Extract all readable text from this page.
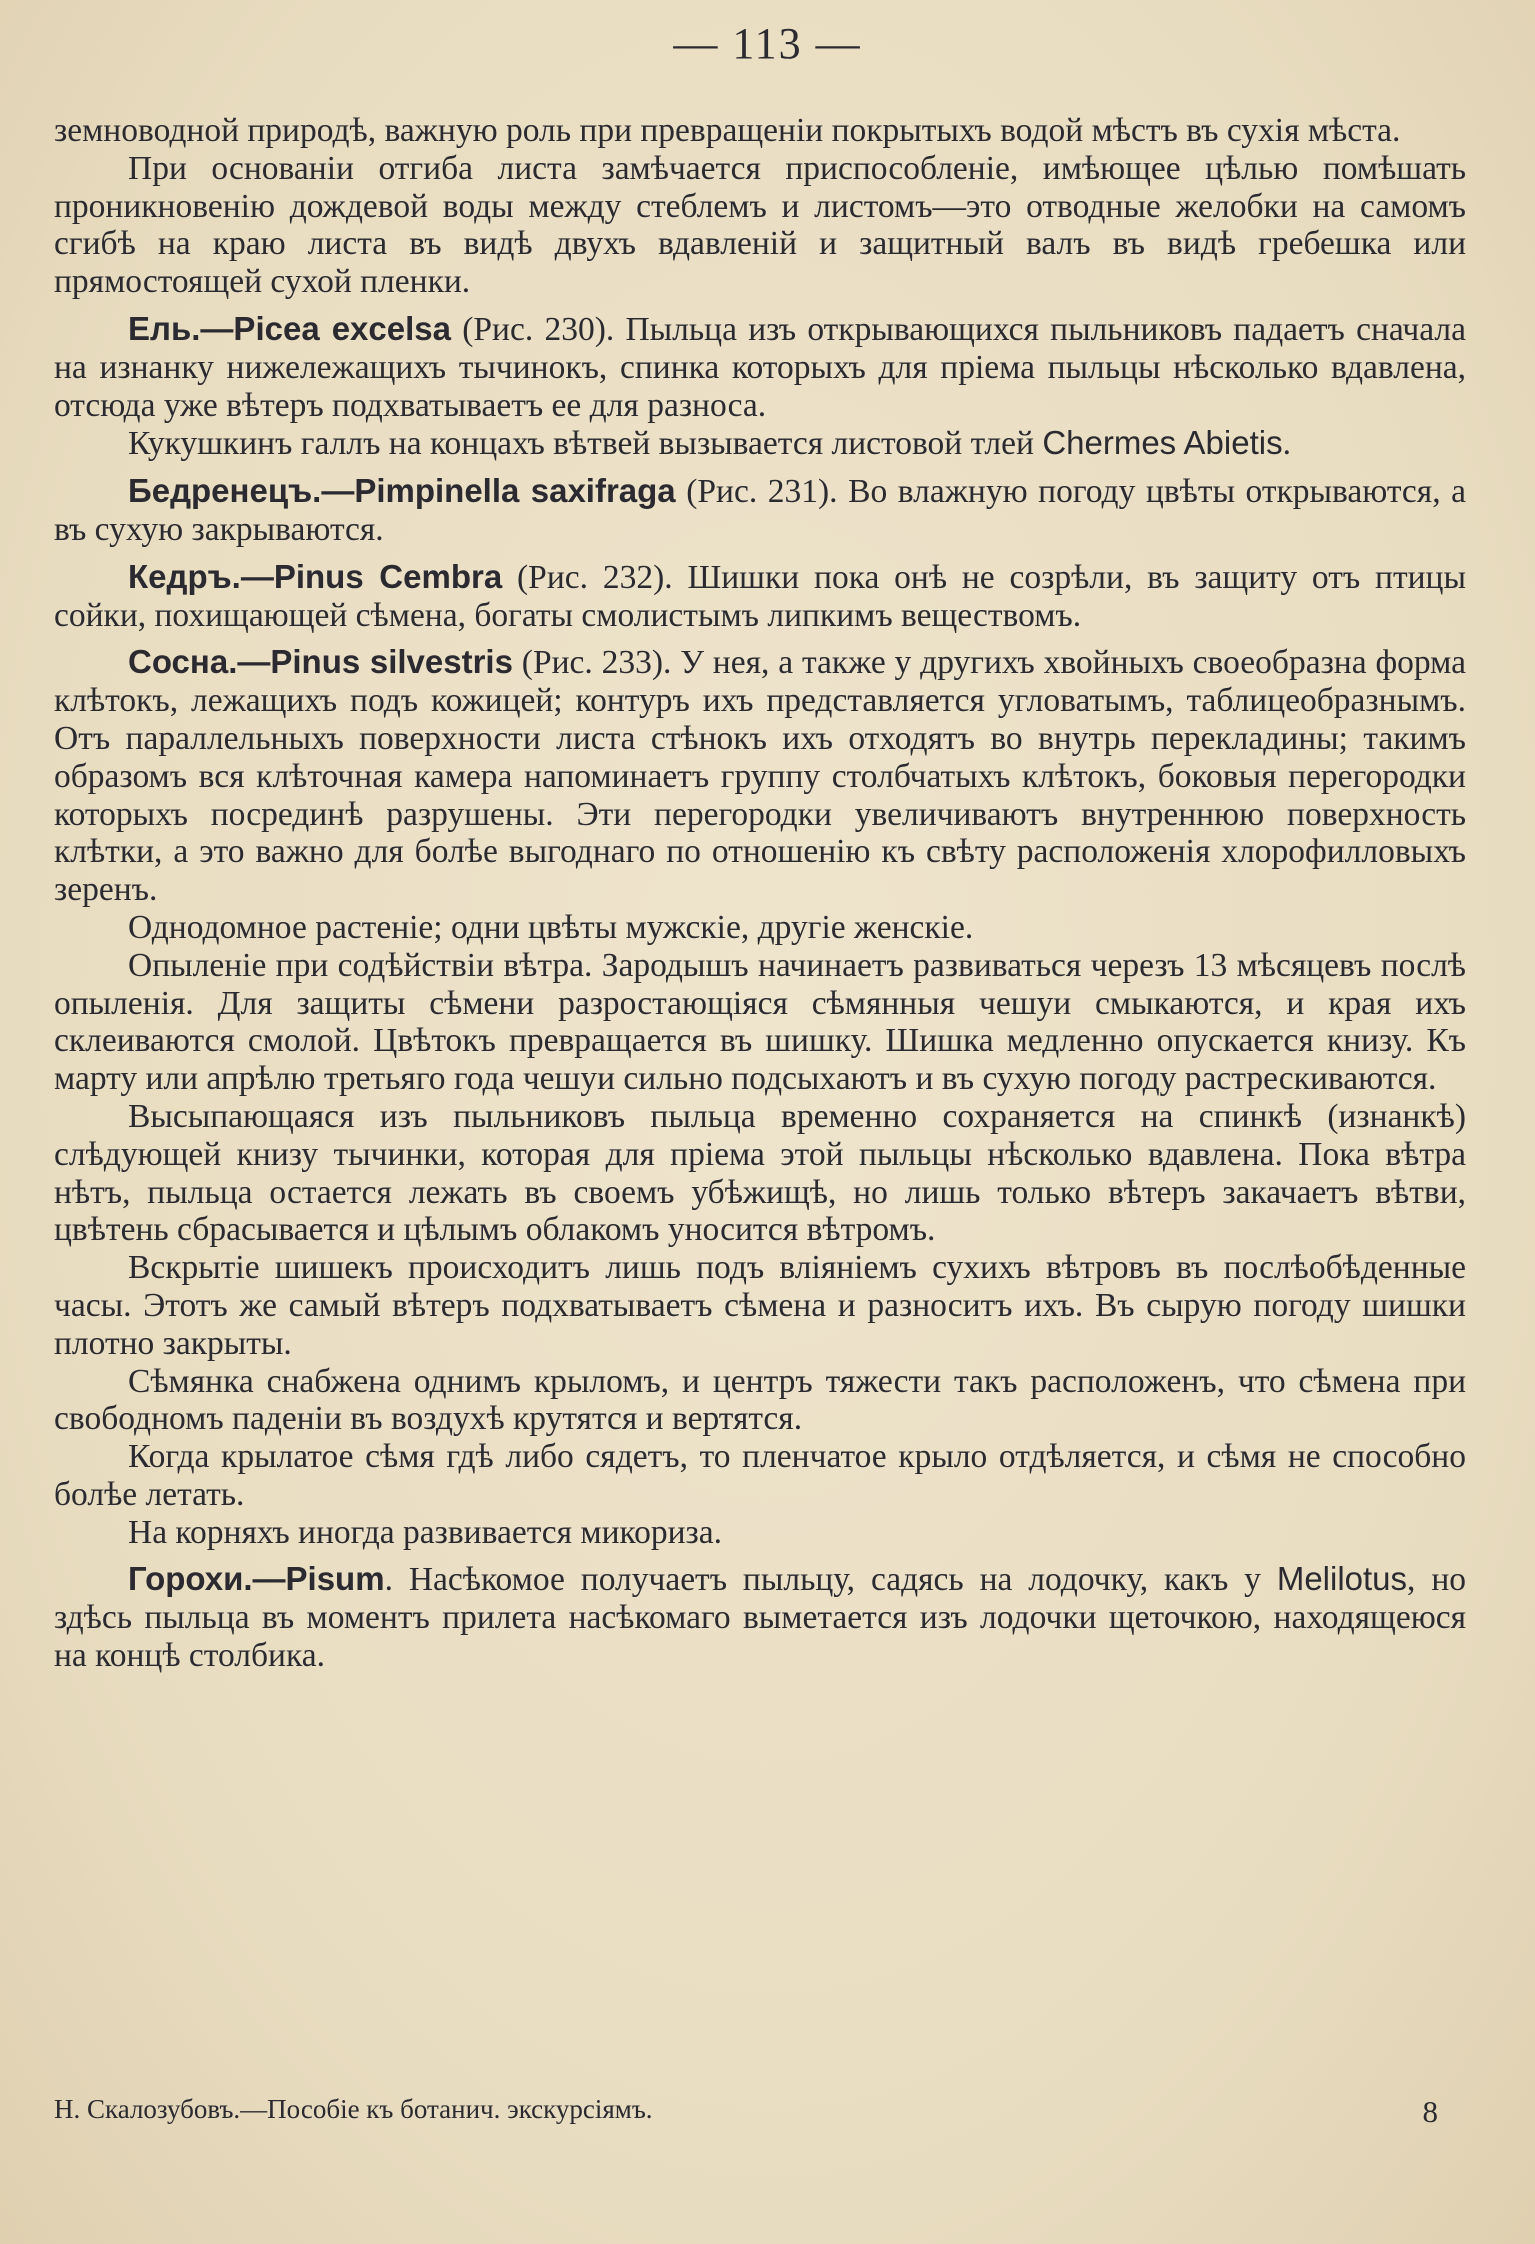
— 113 —

земноводной природѣ, важную роль при превращеніи покрытыхъ водой мѣстъ въ сухія мѣста.

При основаніи отгиба листа замѣчается приспособленіе, имѣющее цѣлью помѣшать проникновенію дождевой воды между стеблемъ и листомъ—это отводные желобки на самомъ сгибѣ на краю листа въ видѣ двухъ вдавленій и защитный валъ въ видѣ гребешка или прямостоящей сухой пленки.

Ель.—Picea excelsa (Рис. 230). Пыльца изъ открывающихся пыльниковъ падаетъ сначала на изнанку нижележащихъ тычинокъ, спинка которыхъ для пріема пыльцы нѣсколько вдавлена, отсюда уже вѣтеръ подхватываетъ ее для разноса.

Кукушкинъ галлъ на концахъ вѣтвей вызывается листовой тлей Chermes Abietis.

Бедренецъ.—Pimpinella saxifraga (Рис. 231). Во влажную погоду цвѣты открываются, а въ сухую закрываются.

Кедръ.—Pinus Cembra (Рис. 232). Шишки пока онѣ не созрѣли, въ защиту отъ птицы сойки, похищающей сѣмена, богаты смолистымъ липкимъ веществомъ.

Сосна.—Pinus silvestris (Рис. 233). У нея, а также у другихъ хвойныхъ своеобразна форма клѣтокъ, лежащихъ подъ кожицей; контуръ ихъ представляется угловатымъ, таблицеобразнымъ. Отъ параллельныхъ поверхности листа стѣнокъ ихъ отходятъ во внутрь перекладины; такимъ образомъ вся клѣточная камера напоминаетъ группу столбчатыхъ клѣтокъ, боковыя перегородки которыхъ посрединѣ разрушены. Эти перегородки увеличиваютъ внутреннюю поверхность клѣтки, а это важно для болѣе выгоднаго по отношенію къ свѣту расположенія хлорофилловыхъ зеренъ.

Однодомное растеніе; одни цвѣты мужскіе, другіе женскіе.

Опыленіе при содѣйствіи вѣтра. Зародышъ начинаетъ развиваться черезъ 13 мѣсяцевъ послѣ опыленія. Для защиты сѣмени разростающіяся сѣмянныя чешуи смыкаются, и края ихъ склеиваются смолой. Цвѣтокъ превращается въ шишку. Шишка медленно опускается книзу. Къ марту или апрѣлю третьяго года чешуи сильно подсыхаютъ и въ сухую погоду растрескиваются.

Высыпающаяся изъ пыльниковъ пыльца временно сохраняется на спинкѣ (изнанкѣ) слѣдующей книзу тычинки, которая для пріема этой пыльцы нѣсколько вдавлена. Пока вѣтра нѣтъ, пыльца остается лежать въ своемъ убѣжищѣ, но лишь только вѣтеръ закачаетъ вѣтви, цвѣтень сбрасывается и цѣлымъ облакомъ уносится вѣтромъ.

Вскрытіе шишекъ происходитъ лишь подъ вліяніемъ сухихъ вѣтровъ въ послѣобѣденные часы. Этотъ же самый вѣтеръ подхватываетъ сѣмена и разноситъ ихъ. Въ сырую погоду шишки плотно закрыты.

Сѣмянка снабжена однимъ крыломъ, и центръ тяжести такъ расположенъ, что сѣмена при свободномъ паденіи въ воздухѣ крутятся и вертятся.

Когда крылатое сѣмя гдѣ либо сядетъ, то пленчатое крыло отдѣляется, и сѣмя не способно болѣе летать.

На корняхъ иногда развивается микориза.

Горохи.—Pisum. Насѣкомое получаетъ пыльцу, садясь на лодочку, какъ у Melilotus, но здѣсь пыльца въ моментъ прилета насѣкомаго выметается изъ лодочки щеточкою, находящеюся на концѣ столбика.

Н. Скалозубовъ.—Пособіе къ ботанич. экскурсіямъ.	8
